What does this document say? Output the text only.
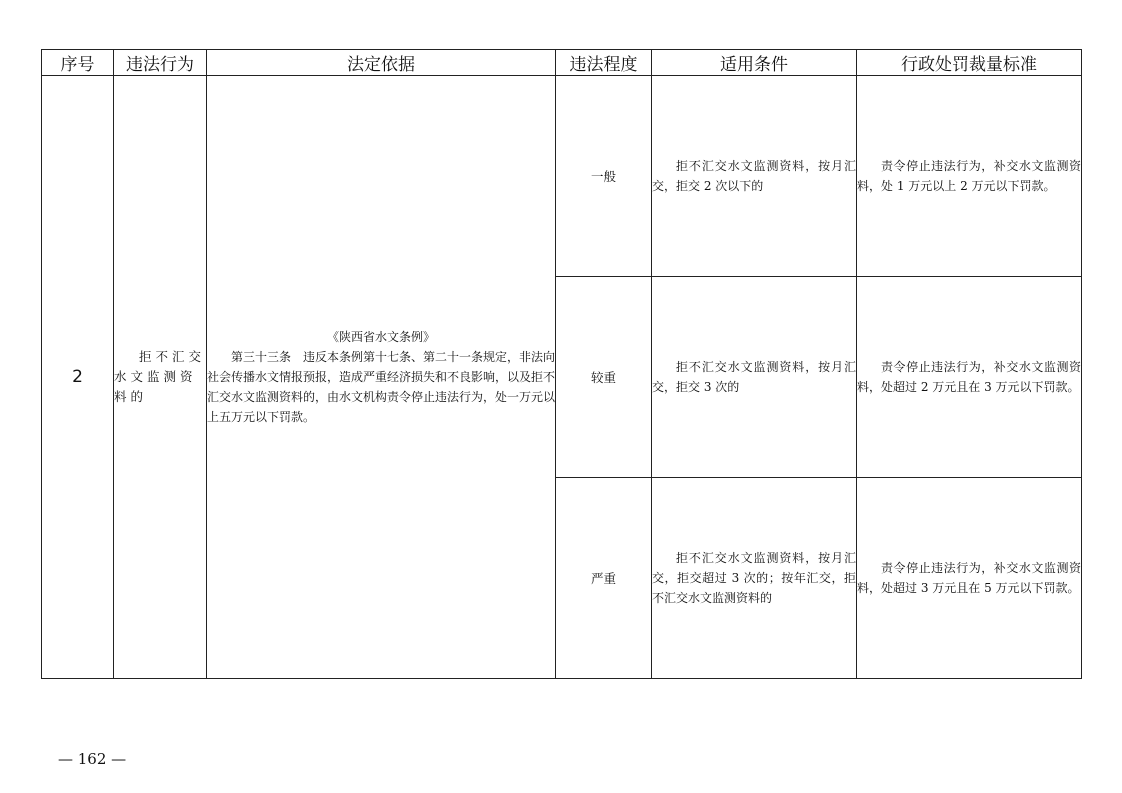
序号	违法行为	法定依据	违法程度	适用条件	行政处罚裁量标准
2	拒不汇交水文监测资料的	《陕西省水文条例》
第三十三条　违反本条例第十七条、第二十一条规定，非法向社会传播水文情报预报，造成严重经济损失和不良影响，以及拒不汇交水文监测资料的，由水文机构责令停止违法行为，处一万元以上五万元以下罚款。	一般	拒不汇交水文监测资料，按月汇交，拒交 2 次以下的	责令停止违法行为，补交水文监测资料，处 1 万元以上 2 万元以下罚款。

			较重	拒不汇交水文监测资料，按月汇交，拒交 3 次的	责令停止违法行为，补交水文监测资料，处超过 2 万元且在 3 万元以下罚款。

			严重	拒不汇交水文监测资料，按月汇交，拒交超过 3 次的；按年汇交，拒不汇交水文监测资料的	责令停止违法行为，补交水文监测资料，处超过 3 万元且在 5 万元以下罚款。
— 162 —
